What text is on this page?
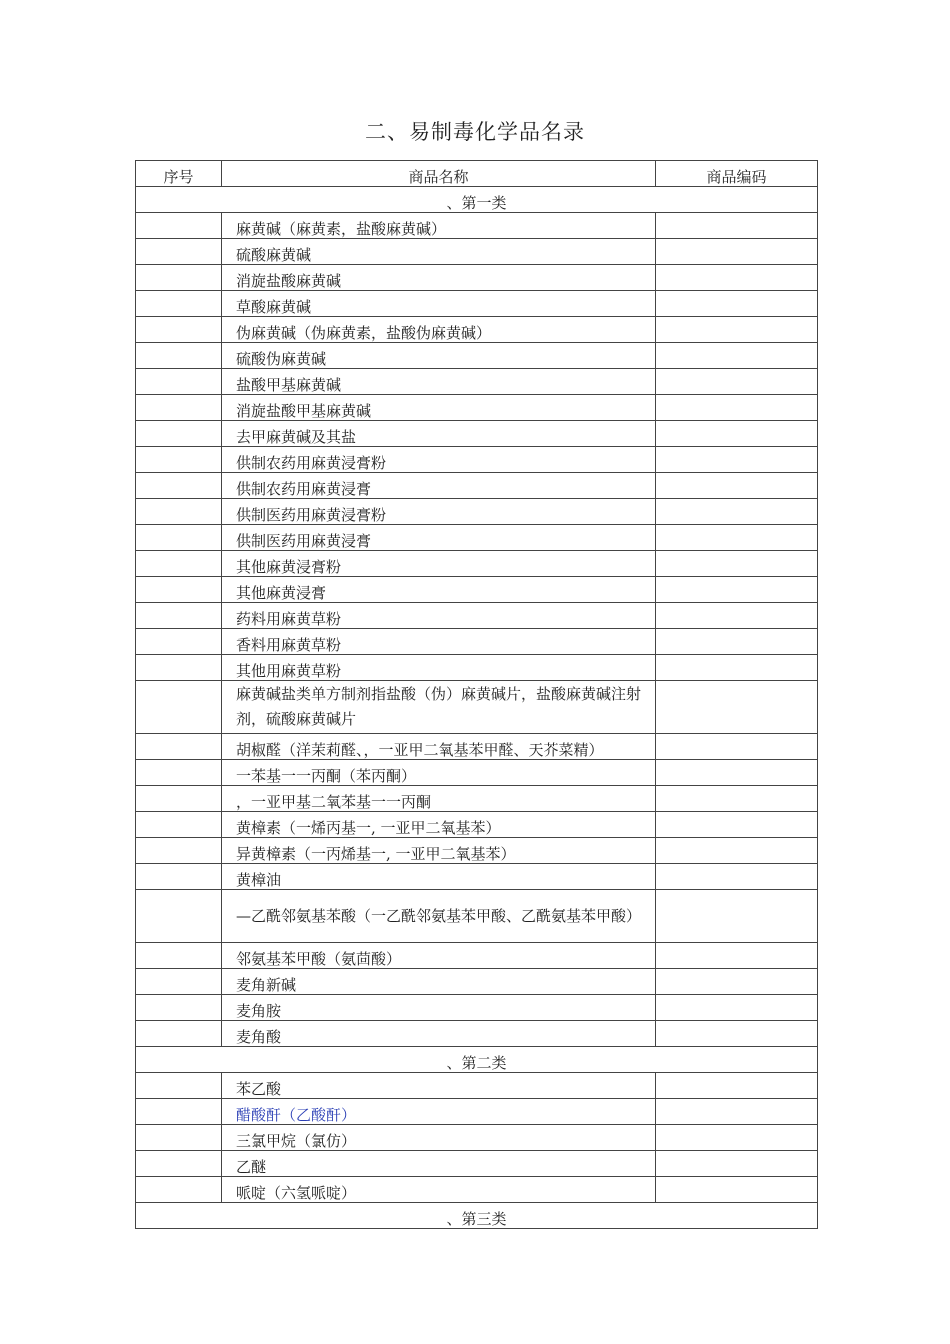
二、易制毒化学品名录
序号	商品名称	商品编码
、第一类		
	麻黄碱（麻黄素，盐酸麻黄碱）	
	硫酸麻黄碱	
	消旋盐酸麻黄碱	
	草酸麻黄碱	
	伪麻黄碱（伪麻黄素，盐酸伪麻黄碱）	
	硫酸伪麻黄碱	
	盐酸甲基麻黄碱	
	消旋盐酸甲基麻黄碱	
	去甲麻黄碱及其盐	
	供制农药用麻黄浸膏粉	
	供制农药用麻黄浸膏	
	供制医药用麻黄浸膏粉	
	供制医药用麻黄浸膏	
	其他麻黄浸膏粉	
	其他麻黄浸膏	
	药料用麻黄草粉	
	香料用麻黄草粉	
	其他用麻黄草粉	
	麻黄碱盐类单方制剂指盐酸（伪）麻黄碱片，盐酸麻黄碱注射剂，硫酸麻黄碱片	

	胡椒醛（洋茉莉醛、，一亚甲二氧基苯甲醛、天芥菜精）	

	一苯基一一丙酮（苯丙酮）	
	，一亚甲基二氧苯基一一丙酮	
	黄樟素（一烯丙基一, 一亚甲二氧基苯）	
	异黄樟素（一丙烯基一, 一亚甲二氧基苯）	
	黄樟油	
	—乙酰邻氨基苯酸（一乙酰邻氨基苯甲酸、乙酰氨基苯甲酸）	
	邻氨基苯甲酸（氨茴酸）	
	麦角新碱	
	麦角胺	
	麦角酸	
、第二类		
	苯乙酸	
	醋酸酐（乙酸酐）	
	三氯甲烷（氯仿）	
	乙醚	
	哌啶（六氢哌啶）	
、第三类		
